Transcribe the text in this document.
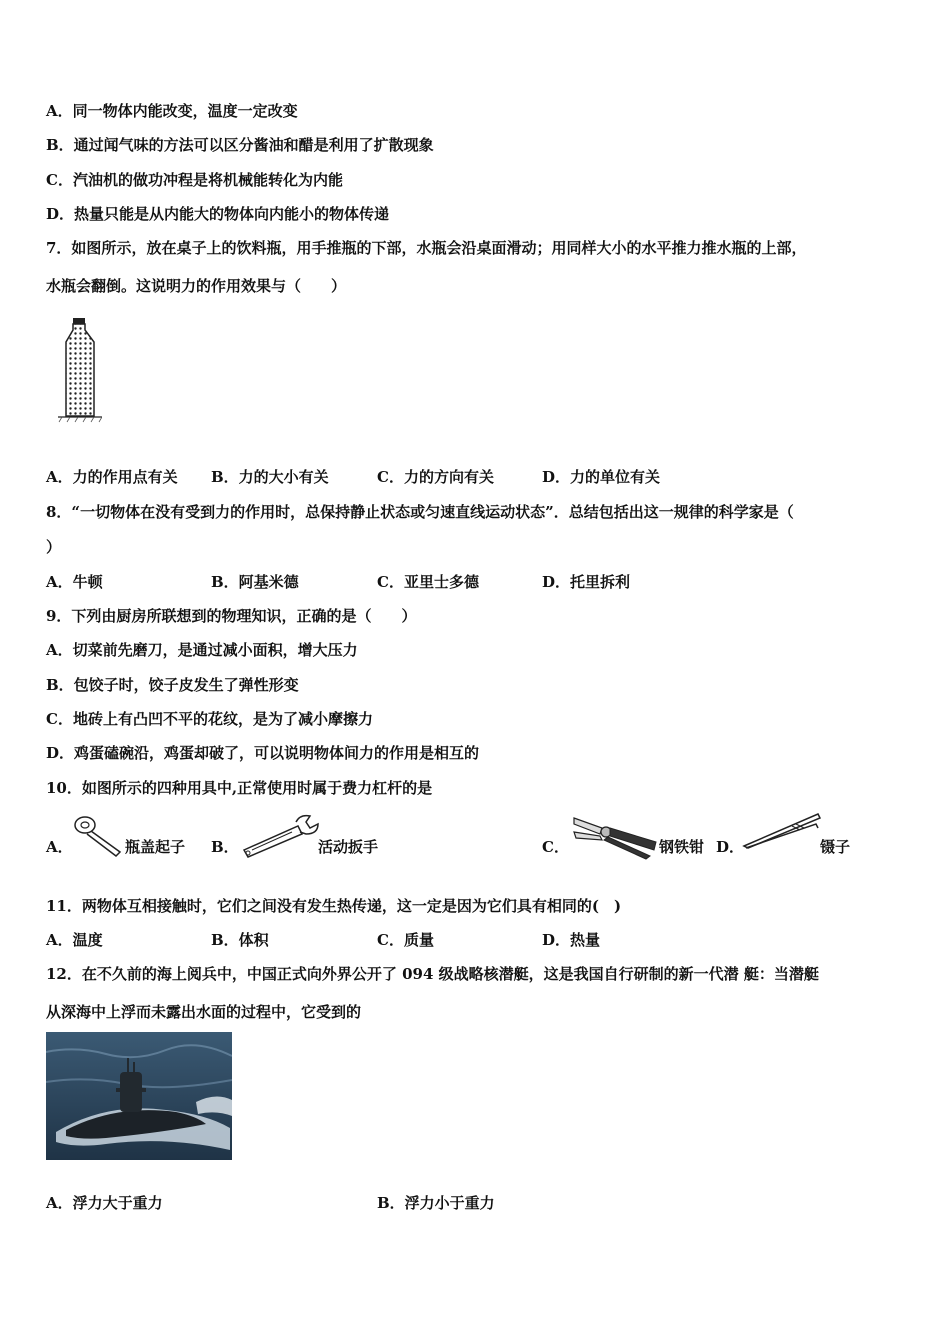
A．同一物体内能改变，温度一定改变
B．通过闻气味的方法可以区分酱油和醋是利用了扩散现象
C．汽油机的做功冲程是将机械能转化为内能
D．热量只能是从内能大的物体向内能小的物体传递
7．如图所示，放在桌子上的饮料瓶，用手推瓶的下部，水瓶会沿桌面滑动；用同样大小的水平推力推水瓶的上部，
水瓶会翻倒。这说明力的作用效果与（　　）
A．力的作用点有关 B．力的大小有关	C．力的方向有关	D．力的单位有关
8．“一切物体在没有受到力的作用时，总保持静止状态或匀速直线运动状态”．总结包括出这一规律的科学家是（
）
A．牛顿	B．阿基米德	C．亚里士多德	D．托里拆利
9．下列由厨房所联想到的物理知识，正确的是（　　）
A．切菜前先磨刀，是通过减小面积，增大压力
B．包饺子时，饺子皮发生了弹性形变
C．地砖上有凸凹不平的花纹，是为了减小摩擦力
D．鸡蛋磕碗沿，鸡蛋却破了，可以说明物体间力的作用是相互的
10．如图所示的四种用具中,正常使用时属于费力杠杆的是
A．	瓶盖起子 B．	活动扳手	C．	钢铁钳 D．	镊子
11．两物体互相接触时，它们之间没有发生热传递，这一定是因为它们具有相同的(　)
A．温度	B．体积	C．质量	D．热量
12．在不久前的海上阅兵中，中国正式向外界公开了 094 级战略核潜艇，这是我国自行研制的新一代潜 艇：当潜艇
从深海中上浮而未露出水面的过程中，它受到的
A．浮力大于重力	B．浮力小于重力
